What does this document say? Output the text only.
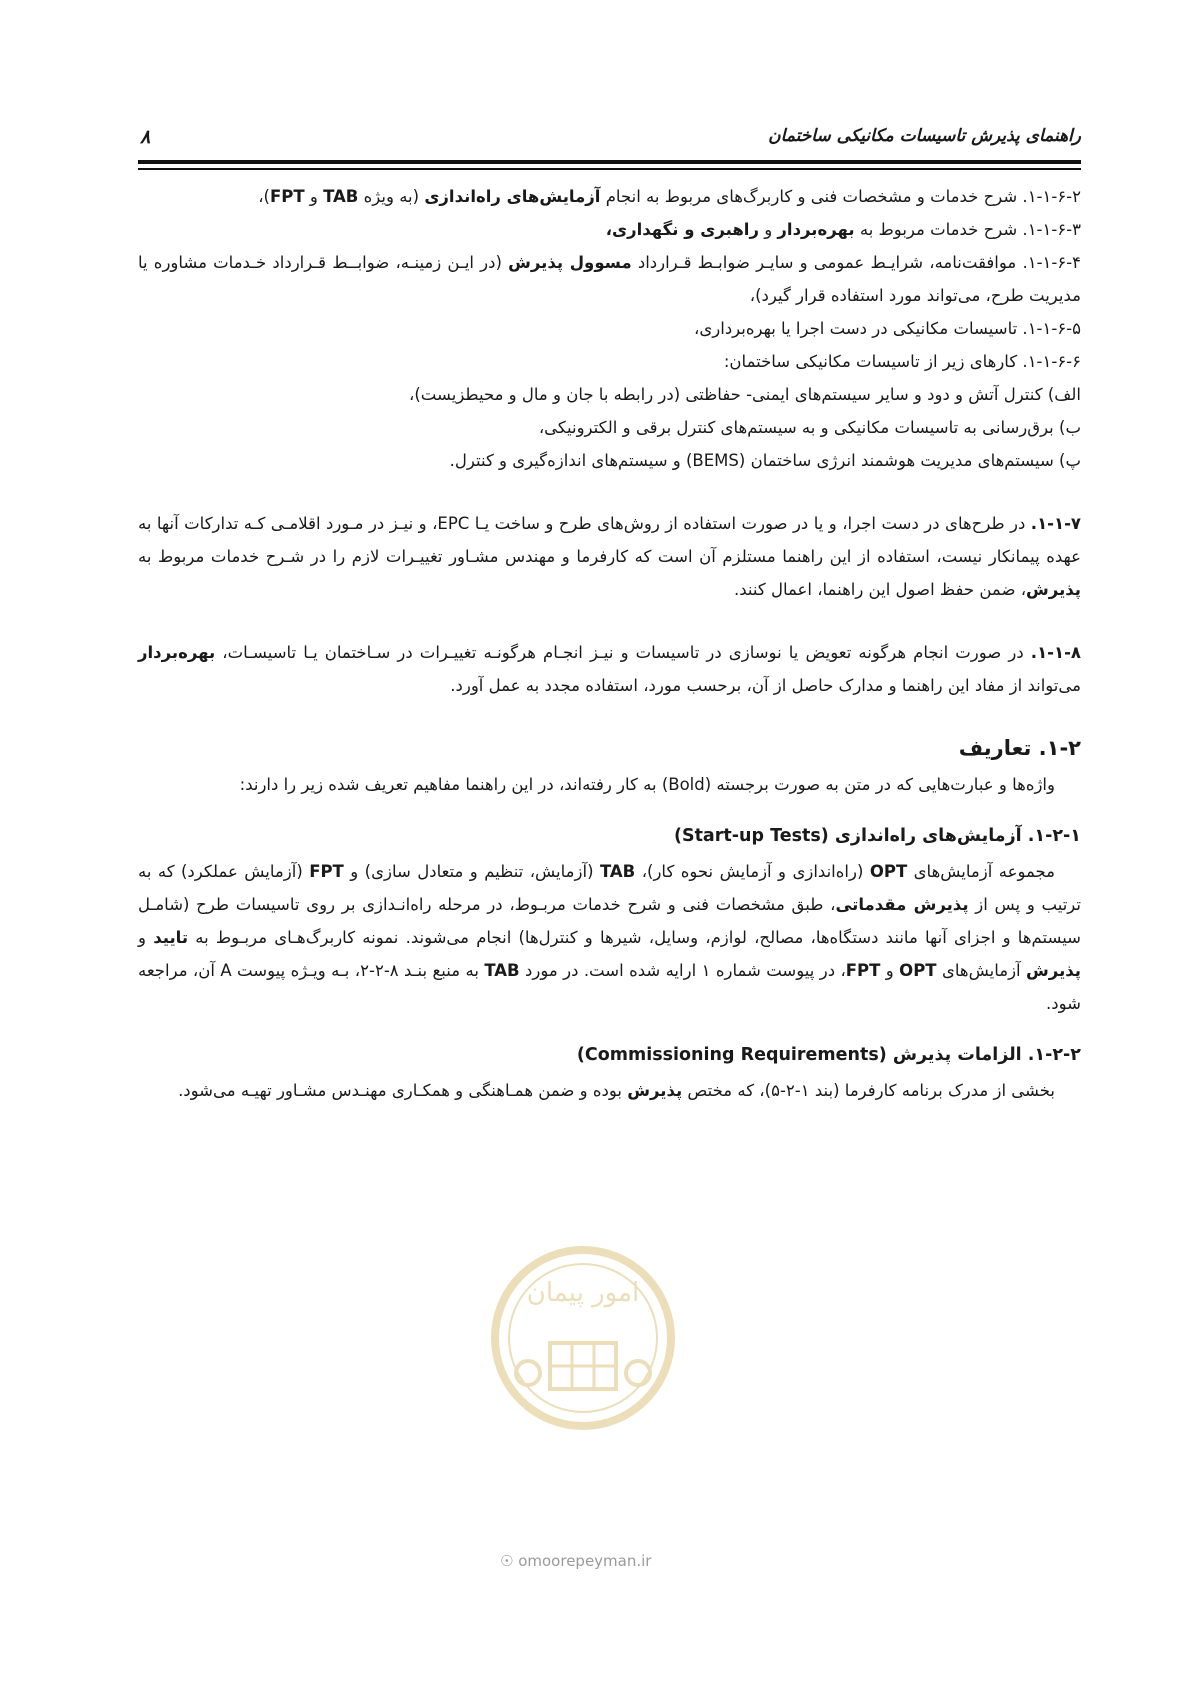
راهنمای پذیرش تاسیسات مکانیکی ساختمان
۸

۱-۱-۶-۲. شرح خدمات و مشخصات فنی و کاربرگ‌های مربوط به انجام آزمایش‌های راه‌اندازی (به ویژه TAB و FPT)،

۱-۱-۶-۳. شرح خدمات مربوط به بهره‌بردار و راهبری و نگهداری،

۱-۱-۶-۴. موافقت‌نامه، شرایـط عمومی و سایـر ضوابـط قـرارداد مسوول پذیرش (در ایـن زمینـه، ضوابــط قـرارداد خـدمات مشاوره یا مدیریت طرح، می‌تواند مورد استفاده قرار گیرد)،

۱-۱-۶-۵. تاسیسات مکانیکی در دست اجرا یا بهره‌برداری،

۱-۱-۶-۶. کارهای زیر از تاسیسات مکانیکی ساختمان:

الف) کنترل آتش و دود و سایر سیستم‌های ایمنی- حفاظتی (در رابطه با جان و مال و محیطزیست)،

ب) برق‌رسانی به تاسیسات مکانیکی و به سیستم‌های کنترل برقی و الکترونیکی،

پ) سیستم‌های مدیریت هوشمند انرژی ساختمان (BEMS) و سیستم‌های اندازه‌گیری و کنترل.

۱-۱-۷. در طرح‌های در دست اجرا، و یا در صورت استفاده از روش‌های طرح و ساخت یـا EPC، و نیـز در مـورد اقلامـی کـه تدارکات آنها به عهده پیمانکار نیست، استفاده از این راهنما مستلزم آن است که کارفرما و مهندس مشـاور تغییـرات لازم را در شـرح خدمات مربوط به پذیرش، ضمن حفظ اصول این راهنما، اعمال کنند.

۱-۱-۸. در صورت انجام هرگونه تعویض یا نوسازی در تاسیسات و نیـز انجـام هرگونـه تغییـرات در سـاختمان یـا تاسیسـات، بهره‌بردار می‌تواند از مفاد این راهنما و مدارک حاصل از آن، برحسب مورد، استفاده مجدد به عمل آورد.

۱-۲. تعاریف

واژه‌ها و عبارت‌هایی که در متن به صورت برجسته (Bold) به کار رفته‌اند، در این راهنما مفاهیم تعریف شده زیر را دارند:

۱-۲-۱. آزمایش‌های راه‌اندازی (Start-up Tests)

مجموعه آزمایش‌های OPT (راه‌اندازی و آزمایش نحوه کار)، TAB (آزمایش، تنظیم و متعادل سازی) و FPT (آزمایش عملکرد) که به ترتیب و پس از پذیرش مقدماتی، طبق مشخصات فنی و شرح خدمات مربـوط، در مرحله راه‌انـدازی بر روی تاسیسات طرح (شامـل سیستم‌ها و اجزای آنها مانند دستگاه‌ها، مصالح، لوازم، وسایل، شیرها و کنترل‌ها) انجام می‌شوند. نمونه کاربرگ‌هـای مربـوط به تایید و پذیرش آزمایش‌های OPT و FPT، در پیوست شماره ۱ ارایه شده است. در مورد TAB به منبع بنـد ۸-۲-۲، بـه ویـژه پیوست A آن، مراجعه شود.

۱-۲-۲. الزامات پذیرش (Commissioning Requirements)

بخشی از مدرک برنامه کارفرما (بند ۱-۲-۵)، که مختص پذیرش بوده و ضمن همـاهنگی و همکـاری مهنـدس مشـاور تهیـه می‌شود.

امور پیمان
☉ omoorepeyman.ir
